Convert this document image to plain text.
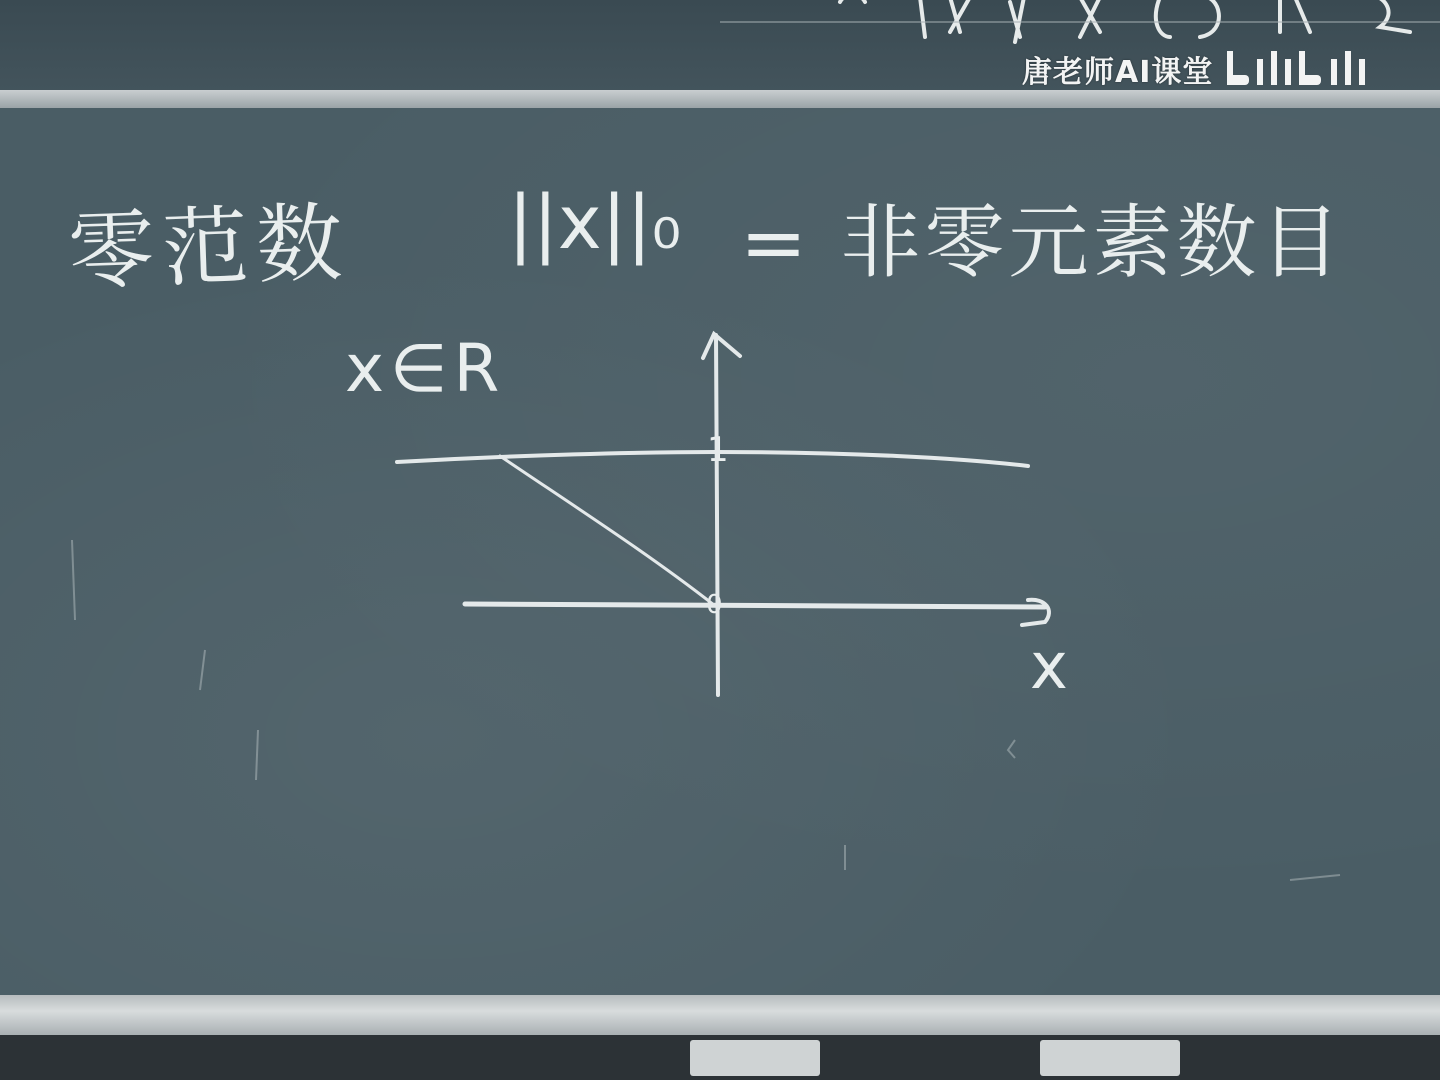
唐老师AI课堂
零范数 ||x||₀ = 非零元素数目
x∈R
1
0
x
